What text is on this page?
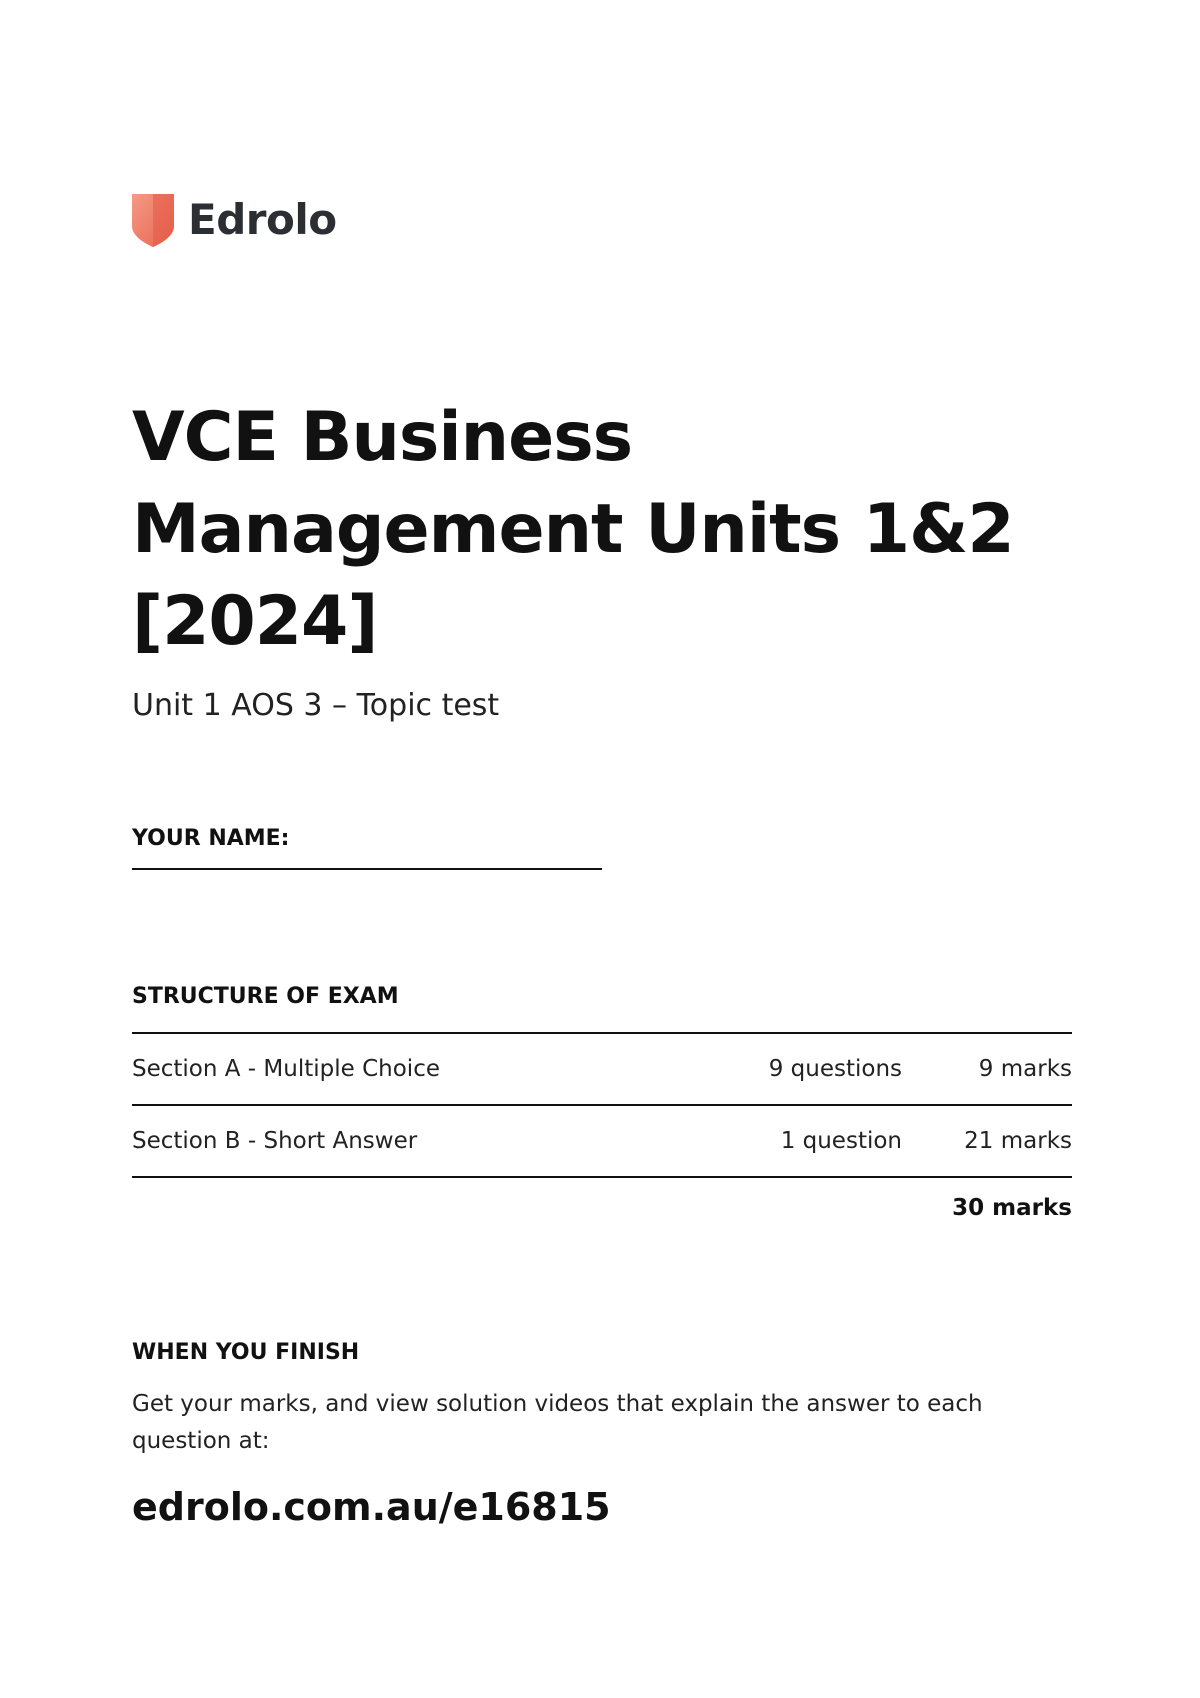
Edrolo
VCE Business
Management Units 1&2
[2024]
Unit 1 AOS 3 – Topic test
YOUR NAME:
STRUCTURE OF EXAM
Section A - Multiple Choice	9 questions	9 marks
Section B - Short Answer	1 question	21 marks
30 marks
WHEN YOU FINISH

Get your marks, and view solution videos that explain the answer to each question at:

edrolo.com.au/e16815
